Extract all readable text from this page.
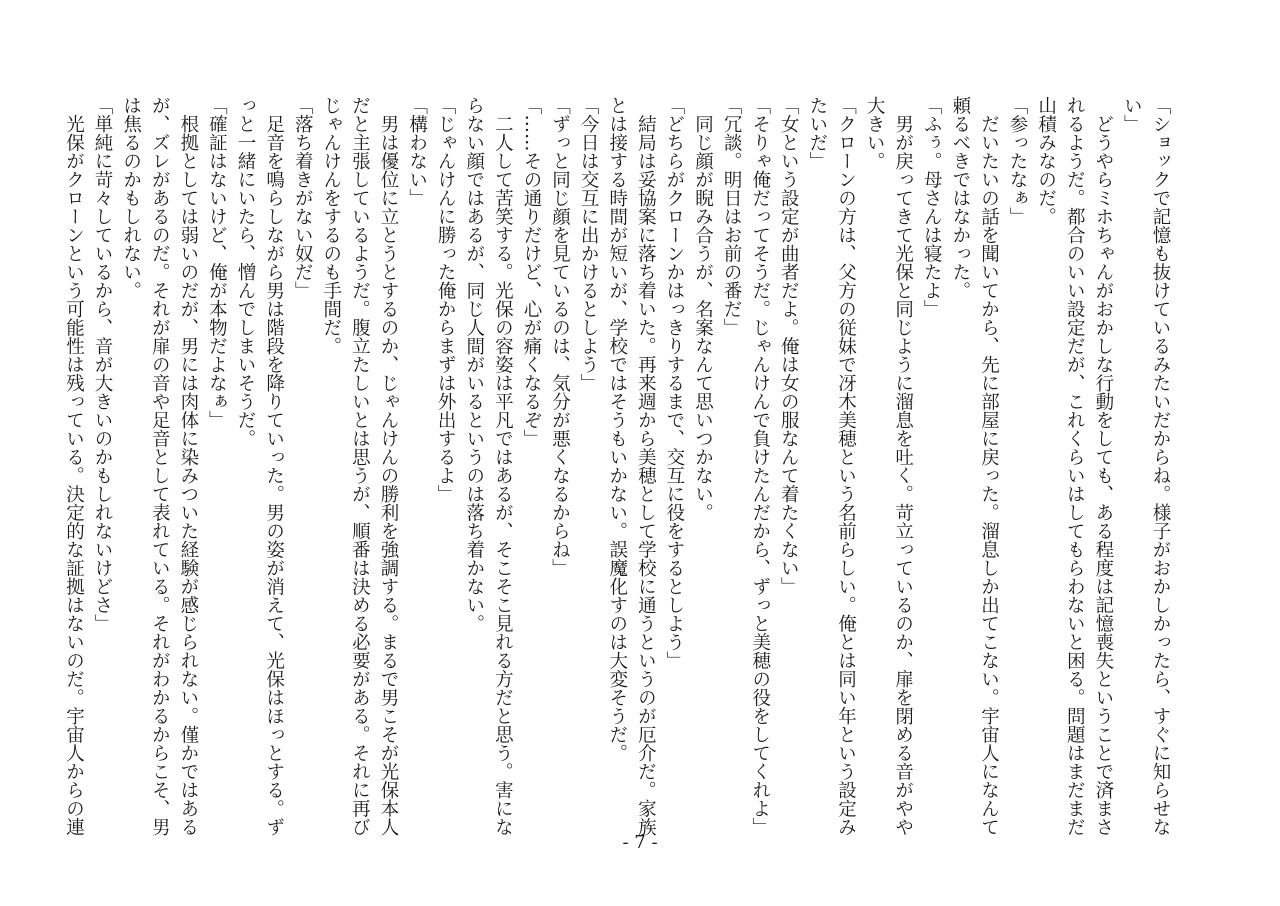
「ショックで記憶も抜けているみたいだからね。様子がおかしかったら、すぐに知らせな
い」
　どうやらミホちゃんがおかしな行動をしても、ある程度は記憶喪失ということで済まさ
れるようだ。都合のいい設定だが、これくらいはしてもらわないと困る。問題はまだまだ
山積みなのだ。
「参ったなぁ」
　だいたいの話を聞いてから、先に部屋に戻った。溜息しか出てこない。宇宙人になんて
頼るべきではなかった。
「ふぅ。母さんは寝たよ」
　男が戻ってきて光保と同じように溜息を吐く。苛立っているのか、扉を閉める音がやや
大きい。
「クローンの方は、父方の従妹で冴木美穂という名前らしい。俺とは同い年という設定み
たいだ」
「女という設定が曲者だよ。俺は女の服なんて着たくない」
「そりゃ俺だってそうだ。じゃんけんで負けたんだから、ずっと美穂の役をしてくれよ」
「冗談。明日はお前の番だ」
　同じ顔が睨み合うが、名案なんて思いつかない。
「どちらがクローンかはっきりするまで、交互に役をするとしよう」
　結局は妥協案に落ち着いた。再来週から美穂として学校に通うというのが厄介だ。家族
とは接する時間が短いが、学校ではそうもいかない。誤魔化すのは大変そうだ。
「今日は交互に出かけるとしよう」
「ずっと同じ顔を見ているのは、気分が悪くなるからね」
「……その通りだけど、心が痛くなるぞ」
　二人して苦笑する。光保の容姿は平凡ではあるが、そこそこ見れる方だと思う。害にな
らない顔ではあるが、同じ人間がいるというのは落ち着かない。
「じゃんけんに勝った俺からまずは外出するよ」
「構わない」
　男は優位に立とうとするのか、じゃんけんの勝利を強調する。まるで男こそが光保本人
だと主張しているようだ。腹立たしいとは思うが、順番は決める必要がある。それに再び
じゃんけんをするのも手間だ。
「落ち着きがない奴だ」
　足音を鳴らしながら男は階段を降りていった。男の姿が消えて、光保はほっとする。ず
っと一緒にいたら、憎んでしまいそうだ。
「確証はないけど、俺が本物だよなぁ」
　根拠としては弱いのだが、男には肉体に染みついた経験が感じられない。僅かではある
が、ズレがあるのだ。それが扉の音や足音として表れている。それがわかるからこそ、男
は焦るのかもしれない。
「単純に苛々しているから、音が大きいのかもしれないけどさ」
　光保がクローンという可能性は残っている。決定的な証拠はないのだ。宇宙人からの連
- 7 -
